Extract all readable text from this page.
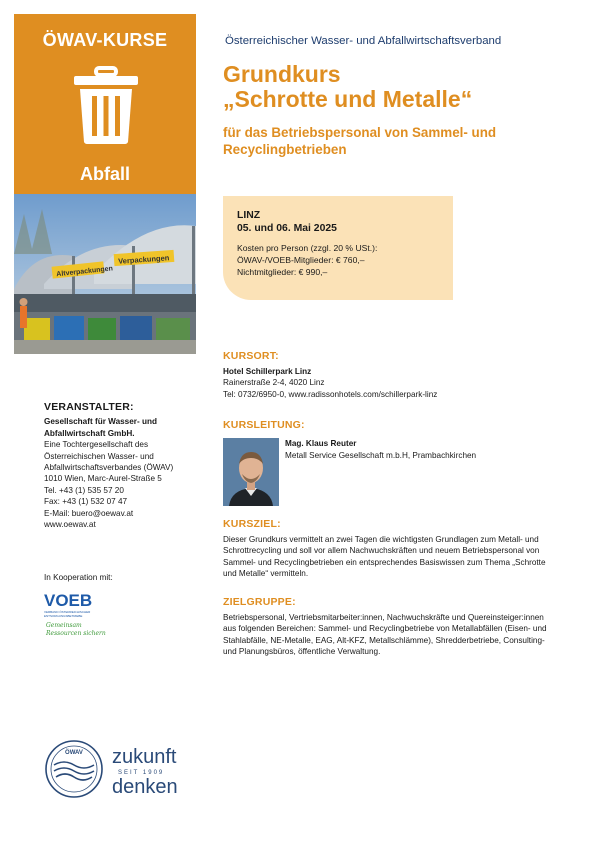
ÖWAV-KURSE
Abfall
Altverpackungen
Verpackungen
VERANSTALTER:
Gesellschaft für Wasser- und
Abfallwirtschaft GmbH.
Eine Tochtergesellschaft des
Österreichischen Wasser- und
Abfallwirtschaftsverbandes (ÖWAV)
1010 Wien, Marc-Aurel-Straße 5
Tel. +43 (1) 535 57 20
Fax: +43 (1) 532 07 47
E-Mail: buero@oewav.at
www.oewav.at
In Kooperation mit:
VOEB
VERBAND ÖSTERREICHISCHER
ENTSORGUNGSBETRIEBE
Gemeinsam
Ressourcen sichern
ÖWAV zukunft
SEIT 1909
denken
Österreichischer Wasser- und Abfallwirtschaftsverband
Grundkurs
„Schrotte und Metalle“
für das Betriebspersonal von Sammel- und
Recyclingbetrieben
LINZ
05. und 06. Mai 2025
Kosten pro Person (zzgl. 20 % USt.):
ÖWAV-/VOEB-Mitglieder: € 760,–
Nichtmitglieder: € 990,–
KURSORT:
Hotel Schillerpark Linz
Rainerstraße 2-4, 4020 Linz
Tel: 0732/6950-0, www.radissonhotels.com/schillerpark-linz
KURSLEITUNG:
Mag. Klaus Reuter
Metall Service Gesellschaft m.b.H, Prambachkirchen
KURSZIEL:
Dieser Grundkurs vermittelt an zwei Tagen die wichtigsten Grundlagen zum Metall- und
Schrottrecycling und soll vor allem Nachwuchskräften und neuem Betriebspersonal von
Sammel- und Recyclingbetrieben ein entsprechendes Basiswissen zum Thema „Schrotte
und Metalle“ vermitteln.
ZIELGRUPPE:
Betriebspersonal, Vertriebsmitarbeiter:innen, Nachwuchskräfte und Quereinsteiger:innen
aus folgenden Bereichen: Sammel- und Recyclingbetriebe von Metallabfällen (Eisen- und
Stahlabfälle, NE-Metalle, EAG, Alt-KFZ, Metallschlämme), Shredderbetriebe, Consulting-
und Planungsbüros, öffentliche Verwaltung.
